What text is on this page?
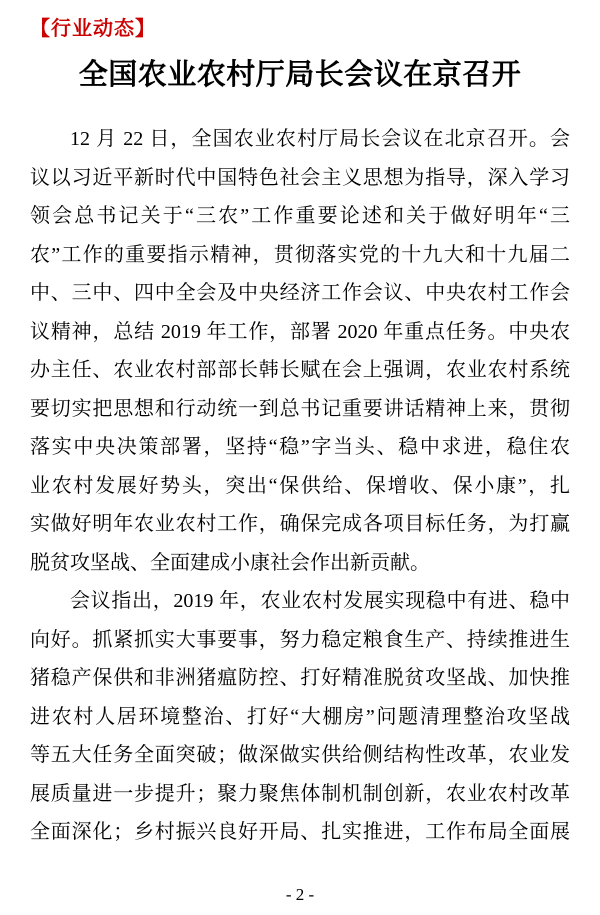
【行业动态】
全国农业农村厅局长会议在京召开
12 月 22 日，全国农业农村厅局长会议在北京召开。会
议以习近平新时代中国特色社会主义思想为指导，深入学习
领会总书记关于“三农”工作重要论述和关于做好明年“三
农”工作的重要指示精神，贯彻落实党的十九大和十九届二
中、三中、四中全会及中央经济工作会议、中央农村工作会
议精神，总结 2019 年工作，部署 2020 年重点任务。中央农
办主任、农业农村部部长韩长赋在会上强调，农业农村系统
要切实把思想和行动统一到总书记重要讲话精神上来，贯彻
落实中央决策部署，坚持“稳”字当头、稳中求进，稳住农
业农村发展好势头，突出“保供给、保增收、保小康”，扎
实做好明年农业农村工作，确保完成各项目标任务，为打赢
脱贫攻坚战、全面建成小康社会作出新贡献。
会议指出，2019 年，农业农村发展实现稳中有进、稳中
向好。抓紧抓实大事要事，努力稳定粮食生产、持续推进生
猪稳产保供和非洲猪瘟防控、打好精准脱贫攻坚战、加快推
进农村人居环境整治、打好“大棚房”问题清理整治攻坚战
等五大任务全面突破；做深做实供给侧结构性改革，农业发
展质量进一步提升；聚力聚焦体制机制创新，农业农村改革
全面深化；乡村振兴良好开局、扎实推进，工作布局全面展
- 2 -
